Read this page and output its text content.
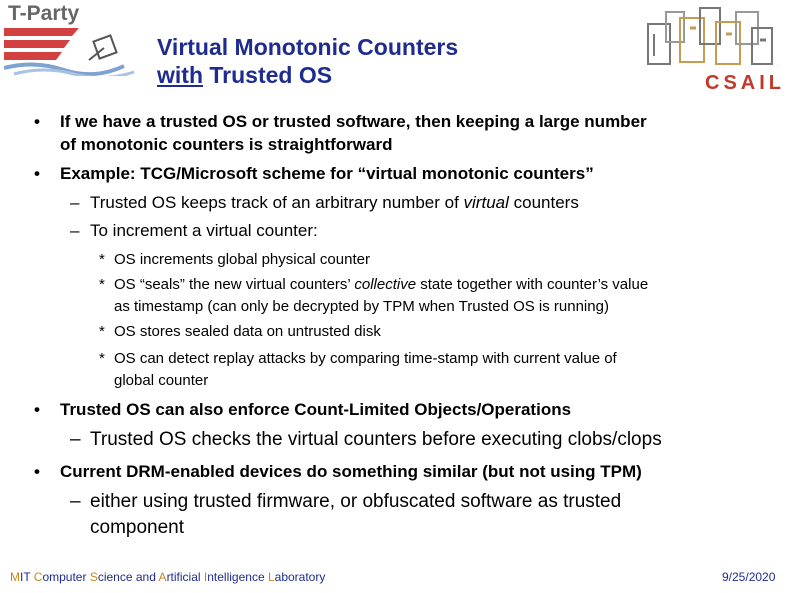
T-Party
Virtual Monotonic Counters
with Trusted OS	CSAIL
• If we have a trusted OS or trusted software, then keeping a large number
of monotonic counters is straightforward
• Example: TCG/Microsoft scheme for “virtual monotonic counters”
– Trusted OS keeps track of an arbitrary number of virtual counters
– To increment a virtual counter:
* OS increments global physical counter
* OS “seals” the new virtual counters’ collective state together with counter’s value
as timestamp (can only be decrypted by TPM when Trusted OS is running)
* OS stores sealed data on untrusted disk
* OS can detect replay attacks by comparing time-stamp with current value of
global counter
• Trusted OS can also enforce Count-Limited Objects/Operations
– Trusted OS checks the virtual counters before executing clobs/clops
• Current DRM-enabled devices do something similar (but not using TPM)
– either using trusted firmware, or obfuscated software as trusted
component
MIT Computer Science and Artificial Intelligence Laboratory	9/25/2020
